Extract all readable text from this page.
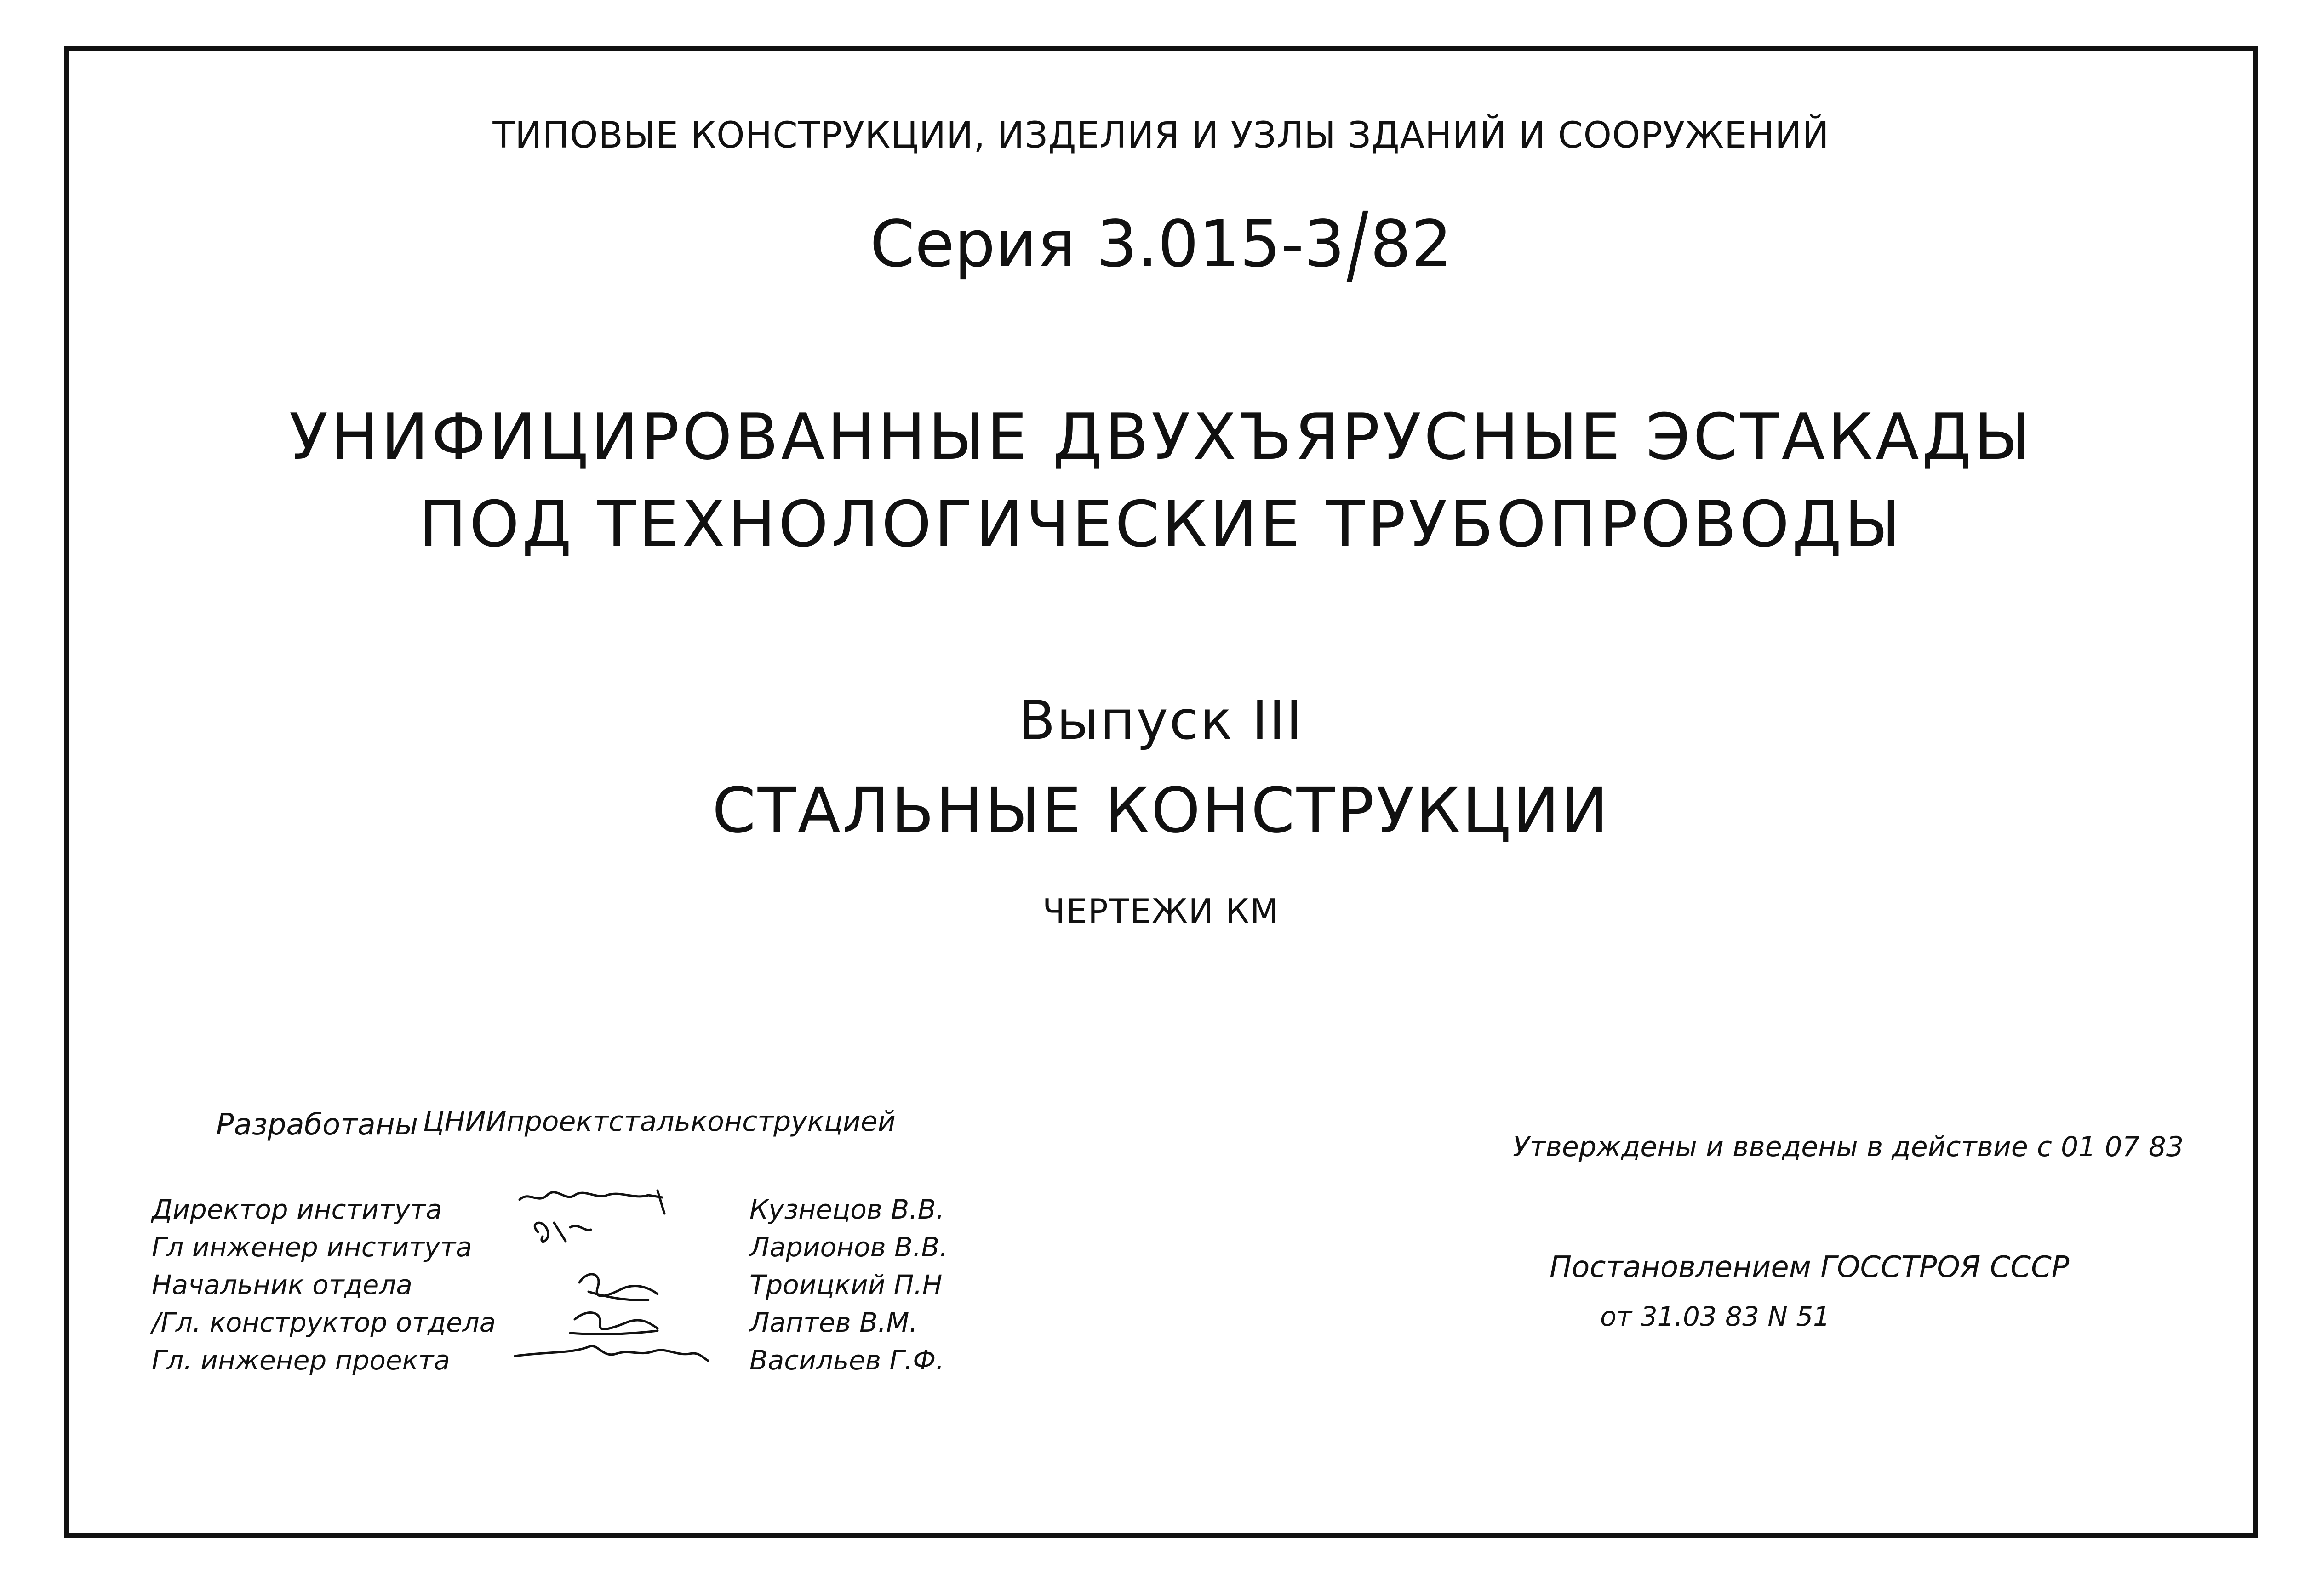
ТИПОВЫЕ КОНСТРУКЦИИ, ИЗДЕЛИЯ И УЗЛЫ ЗДАНИЙ И СООРУЖЕНИЙ
Серия 3.015-3/82
УНИФИЦИРОВАННЫЕ ДВУХЪЯРУСНЫЕ ЭСТАКАДЫ
ПОД ТЕХНОЛОГИЧЕСКИЕ ТРУБОПРОВОДЫ
Выпуск III
СТАЛЬНЫЕ КОНСТРУКЦИИ
ЧЕРТЕЖИ КМ
Разработаны ЦНИИпроектстальконструкцией
Директор института
Гл инженер института
Начальник отдела
/Гл. конструктор отдела
Гл. инженер проекта
Кузнецов В.В.
Ларионов В.В.
Троицкий П.Н
Лаптев В.М.
Васильев Г.Ф.
Утверждены и введены в действие с 01 07 83
Постановлением ГОССТРОЯ СССР
от 31.03 83 N 51
